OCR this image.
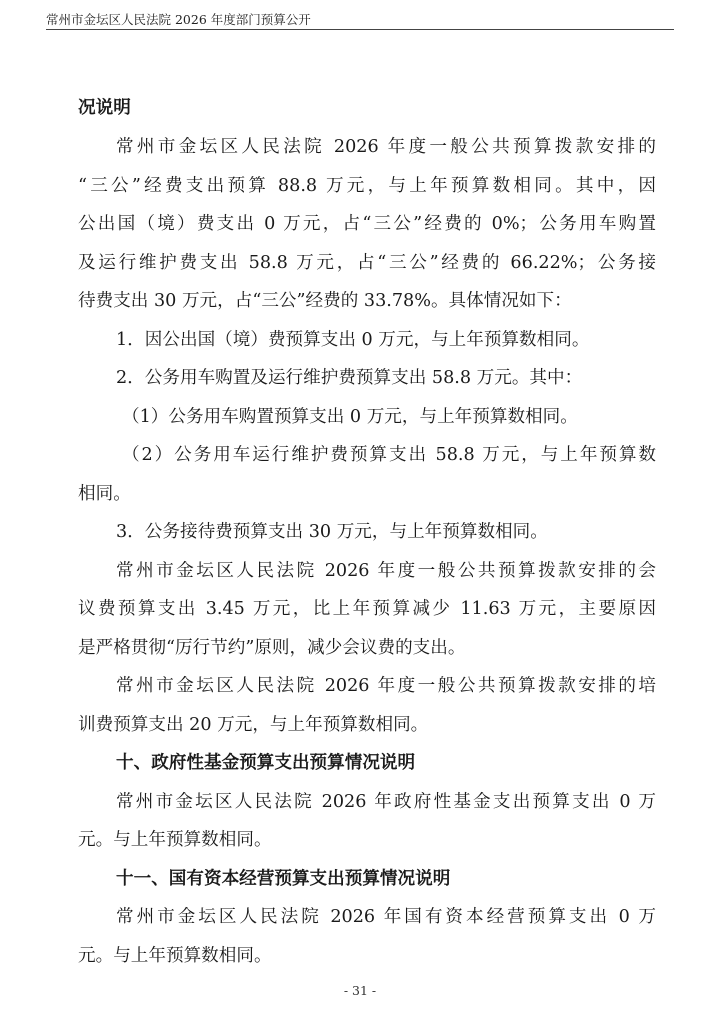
常州市金坛区人民法院 2026 年度部门预算公开
况说明
常州市金坛区人民法院 2026 年度一般公共预算拨款安排的
“三公”经费支出预算 88.8 万元，与上年预算数相同。其中，因
公出国（境）费支出 0 万元，占“三公”经费的 0%；公务用车购置
及运行维护费支出 58.8 万元，占“三公”经费的 66.22%；公务接
待费支出 30 万元，占“三公”经费的 33.78%。具体情况如下：
1．因公出国（境）费预算支出 0 万元，与上年预算数相同。
2．公务用车购置及运行维护费预算支出 58.8 万元。其中：
（1）公务用车购置预算支出 0 万元，与上年预算数相同。
（2）公务用车运行维护费预算支出 58.8 万元，与上年预算数
相同。
3．公务接待费预算支出 30 万元，与上年预算数相同。
常州市金坛区人民法院 2026 年度一般公共预算拨款安排的会
议费预算支出 3.45 万元，比上年预算减少 11.63 万元，主要原因
是严格贯彻“厉行节约”原则，减少会议费的支出。
常州市金坛区人民法院 2026 年度一般公共预算拨款安排的培
训费预算支出 20 万元，与上年预算数相同。
十、政府性基金预算支出预算情况说明
常州市金坛区人民法院 2026 年政府性基金支出预算支出 0 万
元。与上年预算数相同。
十一、国有资本经营预算支出预算情况说明
常州市金坛区人民法院 2026 年国有资本经营预算支出 0 万
元。与上年预算数相同。
- 31 -
